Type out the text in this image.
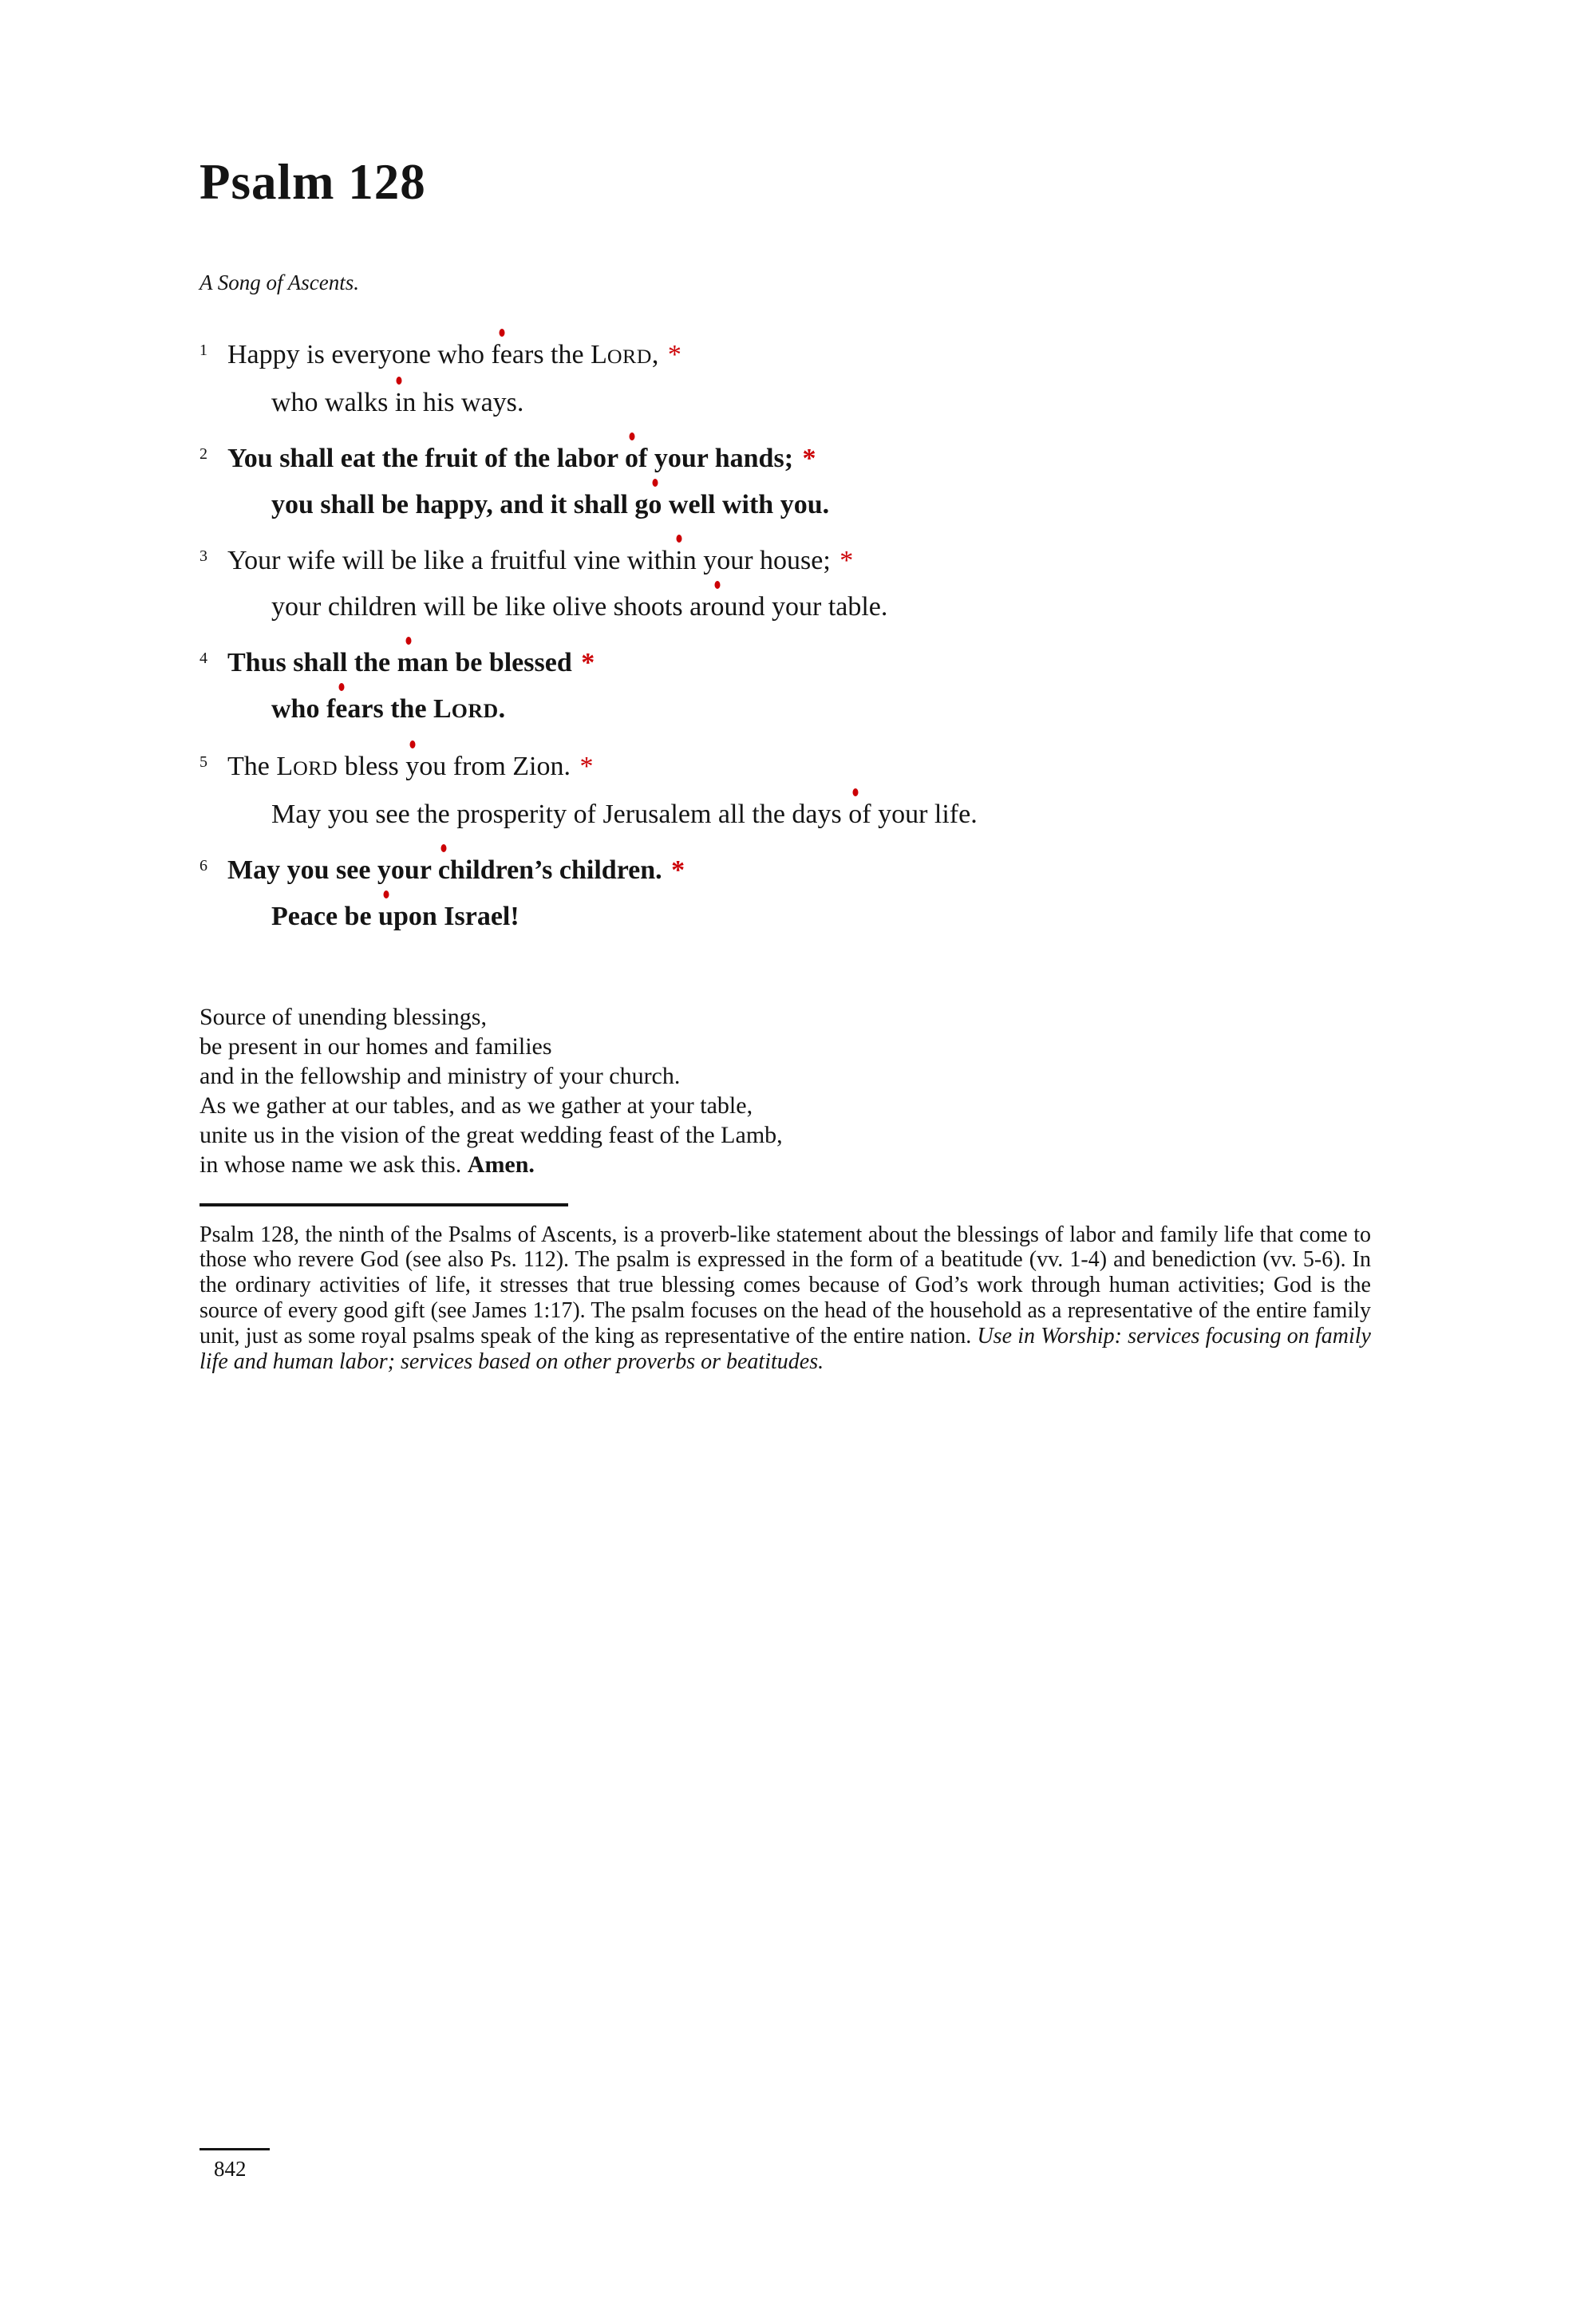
Psalm 128
A Song of Ascents.
1 Happy is everyone who fe
ars the LORD, *
who walks i
n his ways.
2 You shall eat the fruit of the labor o
f your hands; *
you shall be happy, and it shall go
well with you.
3 Your wife will be like a fruitful vine withi
n your house; *
your children will be like olive shoots aro
und your table.
4 Thus shall the m
an be blessed *
who fe
ars the LORD.
5 The LORD bless y
ou from Zion. *
May you see the prosperity of Jerusalem all the days o
f your life.
6 May you see your c
hildren’s children. *
Peace be u
pon Israel!
Source of unending blessings,
be present in our homes and families
and in the fellowship and ministry of your church.
As we gather at our tables, and as we gather at your table,
unite us in the vision of the great wedding feast of the Lamb,
in whose name we ask this. Amen.

Psalm 128, the ninth of the Psalms of Ascents, is a proverb-like statement about the blessings of labor and family life that come to those who revere God (see also Ps. 112). The psalm is expressed in the form of a beatitude (vv. 1-4) and benediction (vv. 5-6). In the ordinary activities of life, it stresses that true blessing comes because of God’s work through human activities; God is the source of every good gift (see James 1:17). The psalm focuses on the head of the household as a representative of the entire family unit, just as some royal psalms speak of the king as representative of the entire nation. Use in Worship: services focusing on family life and human labor; services based on other proverbs or beatitudes.

842
